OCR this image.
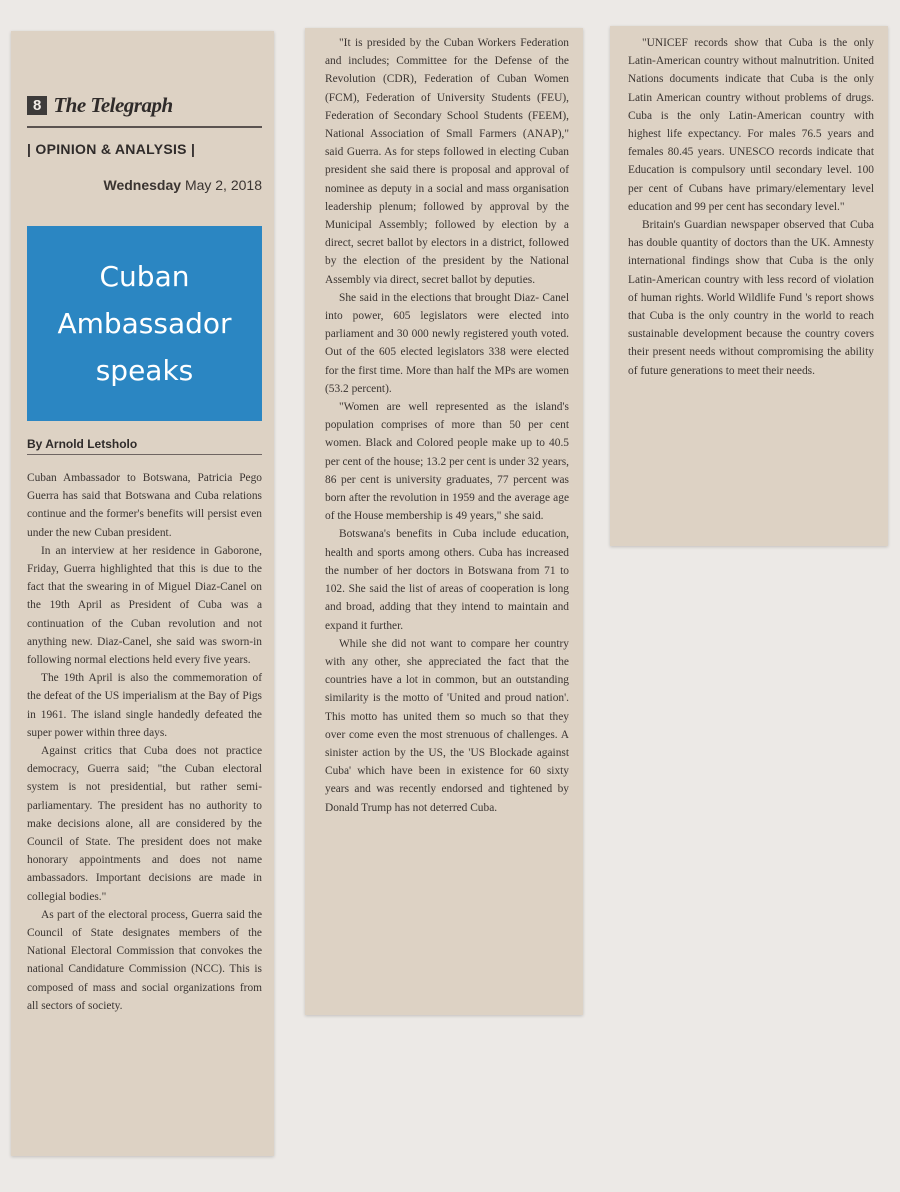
8 The Telegraph
| OPINION & ANALYSIS |
Wednesday May 2, 2018
Cuban
Ambassador
speaks
By Arnold Letsholo

Cuban Ambassador to Botswana, Patricia Pego Guerra has said that Botswana and Cuba relations continue and the former's benefits will persist even under the new Cuban president.

In an interview at her residence in Gaborone, Friday, Guerra highlighted that this is due to the fact that the swearing in of Miguel Diaz-Canel on the 19th April as President of Cuba was a continuation of the Cuban revolution and not anything new. Diaz-Canel, she said was sworn-in following normal elections held every five years.

The 19th April is also the commemoration of the defeat of the US imperialism at the Bay of Pigs in 1961. The island single handedly defeated the super power within three days.

Against critics that Cuba does not practice democracy, Guerra said; "the Cuban electoral system is not presidential, but rather semi-parliamentary. The president has no authority to make decisions alone, all are considered by the Council of State. The president does not make honorary appointments and does not name ambassadors. Important decisions are made in collegial bodies."

As part of the electoral process, Guerra said the Council of State designates members of the National Electoral Commission that convokes the national Candidature Commission (NCC). This is composed of mass and social organizations from all sectors of society.

"It is presided by the Cuban Workers Federation and includes; Committee for the Defense of the Revolution (CDR), Federation of Cuban Women (FCM), Federation of University Students (FEU), Federation of Secondary School Students (FEEM), National Association of Small Farmers (ANAP)," said Guerra. As for steps followed in electing Cuban president she said there is proposal and approval of nominee as deputy in a social and mass organisation leadership plenum; followed by approval by the Municipal Assembly; followed by election by a direct, secret ballot by electors in a district, followed by the election of the president by the National Assembly via direct, secret ballot by deputies.

She said in the elections that brought Diaz- Canel into power, 605 legislators were elected into parliament and 30 000 newly registered youth voted. Out of the 605 elected legislators 338 were elected for the first time. More than half the MPs are women (53.2 percent).

"Women are well represented as the island's population comprises of more than 50 per cent women. Black and Colored people make up to 40.5 per cent of the house; 13.2 per cent is under 32 years, 86 per cent is university graduates, 77 percent was born after the revolution in 1959 and the average age of the House membership is 49 years," she said.

Botswana's benefits in Cuba include education, health and sports among others. Cuba has increased the number of her doctors in Botswana from 71 to 102. She said the list of areas of cooperation is long and broad, adding that they intend to maintain and expand it further.

While she did not want to compare her country with any other, she appreciated the fact that the countries have a lot in common, but an outstanding similarity is the motto of 'United and proud nation'. This motto has united them so much so that they over come even the most strenuous of challenges. A sinister action by the US, the 'US Blockade against Cuba' which have been in existence for 60 sixty years and was recently endorsed and tightened by Donald Trump has not deterred Cuba.

"UNICEF records show that Cuba is the only Latin-American country without malnutrition. United Nations documents indicate that Cuba is the only Latin American country without problems of drugs. Cuba is the only Latin-American country with highest life expectancy. For males 76.5 years and females 80.45 years. UNESCO records indicate that Education is compulsory until secondary level. 100 per cent of Cubans have primary/elementary level education and 99 per cent has secondary level."

Britain's Guardian newspaper observed that Cuba has double quantity of doctors than the UK. Amnesty international findings show that Cuba is the only Latin-American country with less record of violation of human rights. World Wildlife Fund 's report shows that Cuba is the only country in the world to reach sustainable development because the country covers their present needs without compromising the ability of future generations to meet their needs.
